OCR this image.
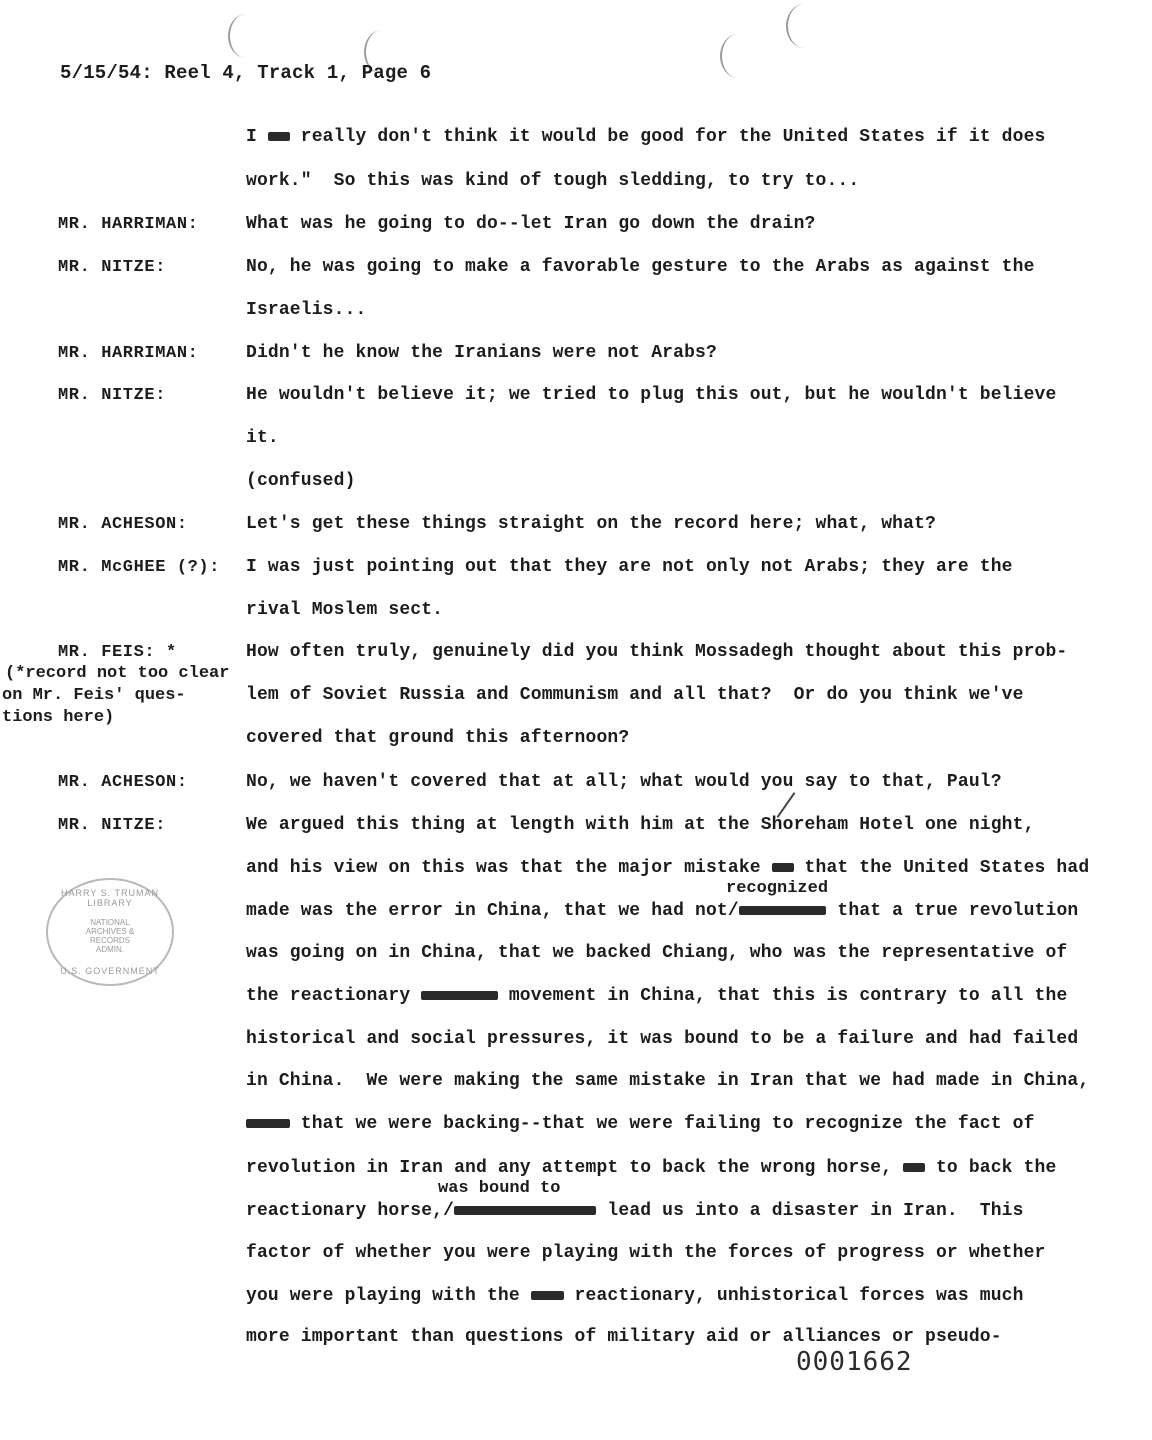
5/15/54: Reel 4, Track 1, Page 6
I  really don't think it would be good for the United States if it does
work."  So this was kind of tough sledding, to try to...
MR. HARRIMAN:	What was he going to do--let Iran go down the drain?
MR. NITZE:	No, he was going to make a favorable gesture to the Arabs as against the
Israelis...
MR. HARRIMAN:	Didn't he know the Iranians were not Arabs?
MR. NITZE:	He wouldn't believe it; we tried to plug this out, but he wouldn't believe
it.
(confused)
MR. ACHESON:	Let's get these things straight on the record here; what, what?
MR. McGHEE (?): I was just pointing out that they are not only not Arabs; they are the
rival Moslem sect.
MR. FEIS: *
(*record not too clear
on Mr. Feis' ques-
tions here)
How often truly, genuinely did you think Mossadegh thought about this prob-
lem of Soviet Russia and Communism and all that?  Or do you think we've
covered that ground this afternoon?
MR. ACHESON:	No, we haven't covered that at all; what would you say to that, Paul?
MR. NITZE:	We argued this thing at length with him at the Shoreham Hotel one night,
and his view on this was that the major mistake  that the United States had
recognized
made was the error in China, that we had not/	that a true revolution
was going on in China, that we backed Chiang, who was the representative of
the reactionary	movement in China, that this is contrary to all the
historical and social pressures, it was bound to be a failure and had failed
in China.  We were making the same mistake in Iran that we had made in China,
that we were backing--that we were failing to recognize the fact of
revolution in Iran and any attempt to back the wrong horse,  to back the
was bound to
reactionary horse,/	lead us into a disaster in Iran.  This
factor of whether you were playing with the forces of progress or whether
you were playing with the  reactionary, unhistorical forces was much
more important than questions of military aid or alliances or pseudo-
HARRY S. TRUMAN LIBRARY
NATIONAL
ARCHIVES &
RECORDS
ADMIN.
U.S. GOVERNMENT
0001662
